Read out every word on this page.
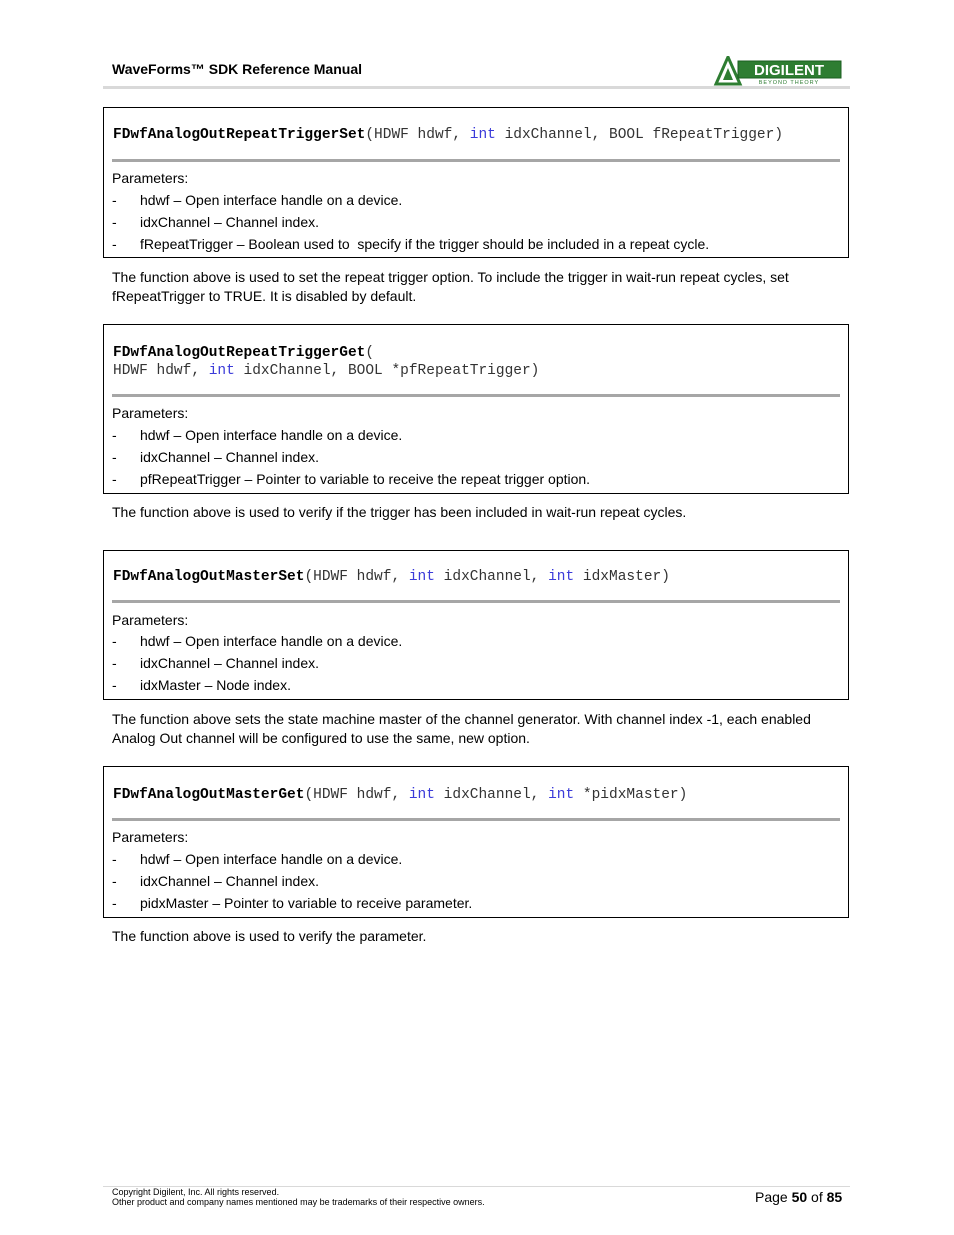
WaveForms™ SDK Reference Manual	DIGILENT
BEYOND THEORY
FDwfAnalogOutRepeatTriggerSet(HDWF hdwf, int idxChannel, BOOL fRepeatTrigger)
Parameters:
- hdwf – Open interface handle on a device.
- idxChannel – Channel index.
- fRepeatTrigger – Boolean used to  specify if the trigger should be included in a repeat cycle.
The function above is used to set the repeat trigger option. To include the trigger in wait-run repeat cycles, set
fRepeatTrigger to TRUE. It is disabled by default.
FDwfAnalogOutRepeatTriggerGet(
HDWF hdwf, int idxChannel, BOOL *pfRepeatTrigger)
Parameters:
- hdwf – Open interface handle on a device.
- idxChannel – Channel index.
- pfRepeatTrigger – Pointer to variable to receive the repeat trigger option.
The function above is used to verify if the trigger has been included in wait-run repeat cycles.
FDwfAnalogOutMasterSet(HDWF hdwf, int idxChannel, int idxMaster)
Parameters:
- hdwf – Open interface handle on a device.
- idxChannel – Channel index.
- idxMaster – Node index.
The function above sets the state machine master of the channel generator. With channel index -1, each enabled
Analog Out channel will be configured to use the same, new option.
FDwfAnalogOutMasterGet(HDWF hdwf, int idxChannel, int *pidxMaster)
Parameters:
- hdwf – Open interface handle on a device.
- idxChannel – Channel index.
- pidxMaster – Pointer to variable to receive parameter.
The function above is used to verify the parameter.
Copyright Digilent, Inc. All rights reserved.
Other product and company names mentioned may be trademarks of their respective owners.	Page 50 of 85
